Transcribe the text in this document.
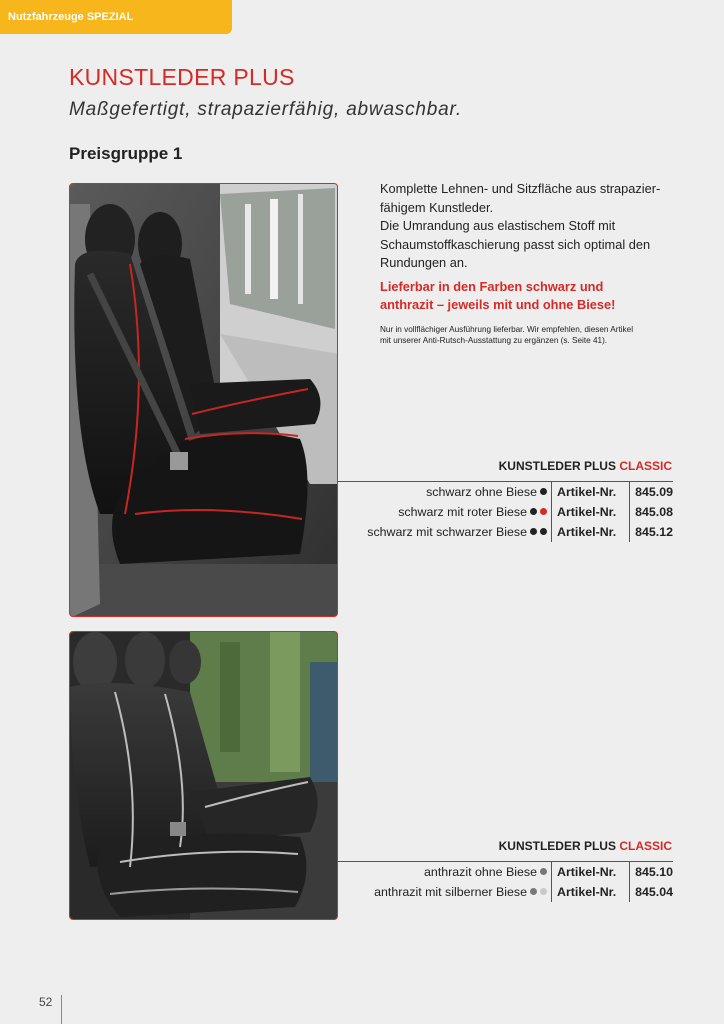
Nutzfahrzeuge SPEZIAL
KUNSTLEDER PLUS
Maßgefertigt, strapazierfähig, abwaschbar.
Preisgruppe 1

Komplette Lehnen- und Sitzfläche aus strapazier-

fähigem Kunstleder.

Die Umrandung aus elastischem Stoff mit

Schaumstoffkaschierung passt sich optimal den

Rundungen an.

Lieferbar in den Farben schwarz und
anthrazit – jeweils mit und ohne Biese!

Nur in vollflächiger Ausführung lieferbar. Wir empfehlen, diesen Artikel
mit unserer Anti-Rutsch-Ausstattung zu ergänzen (s. Seite 41).

KUNSTLEDER PLUS CLASSIC
schwarz ohne Biese	Artikel-Nr.	845.09
schwarz mit roter Biese	Artikel-Nr.	845.08
schwarz mit schwarzer Biese	Artikel-Nr.	845.12
KUNSTLEDER PLUS CLASSIC
anthrazit ohne Biese	Artikel-Nr.	845.10
anthrazit mit silberner Biese	Artikel-Nr.	845.04
52
